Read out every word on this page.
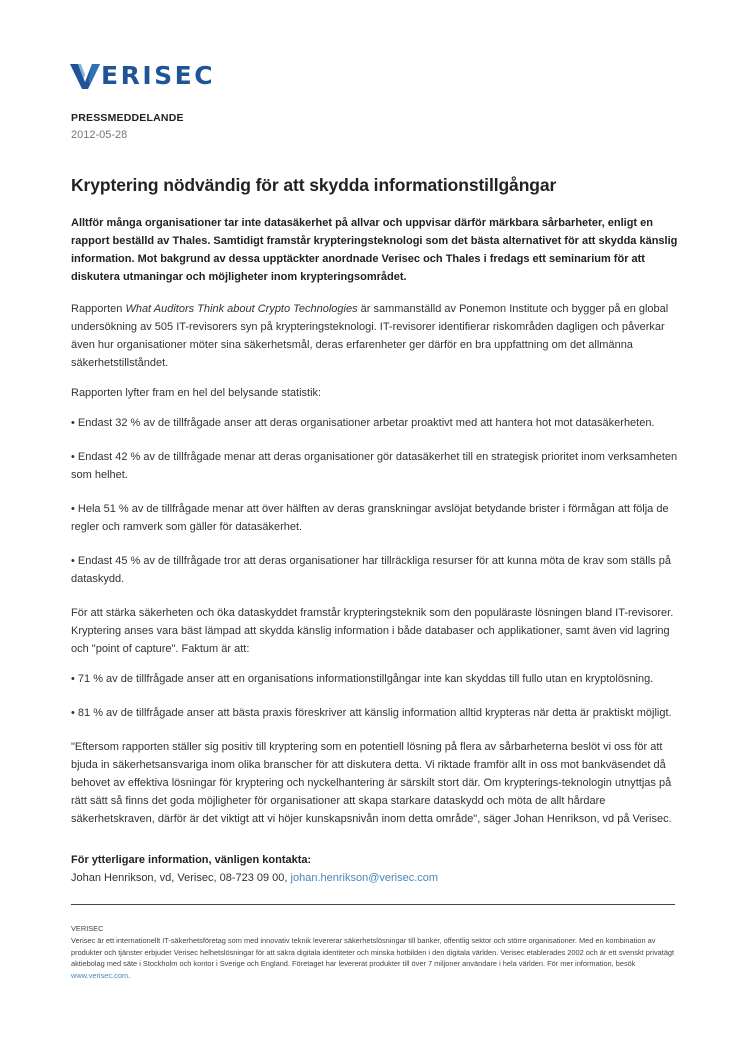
ERISEC
PRESSMEDDELANDE
2012-05-28
Kryptering nödvändig för att skydda informationstillgångar

Alltför många organisationer tar inte datasäkerhet på allvar och uppvisar därför märkbara sårbarheter, enligt en rapport beställd av Thales. Samtidigt framstår krypteringsteknologi som det bästa alternativet för att skydda känslig information. Mot bakgrund av dessa upptäckter anordnade Verisec och Thales i fredags ett seminarium för att diskutera utmaningar och möjligheter inom krypteringsområdet.

Rapporten What Auditors Think about Crypto Technologies är sammanställd av Ponemon Institute och bygger på en global undersökning av 505 IT-revisorers syn på krypteringsteknologi. IT-revisorer identifierar riskområden dagligen och påverkar även hur organisationer möter sina säkerhetsmål, deras erfarenheter ger därför en bra uppfattning om det allmänna säkerhetstillståndet.

Rapporten lyfter fram en hel del belysande statistik:

• Endast 32 % av de tillfrågade anser att deras organisationer arbetar proaktivt med att hantera hot mot datasäkerheten.

• Endast 42 % av de tillfrågade menar att deras organisationer gör datasäkerhet till en strategisk prioritet inom verksamheten som helhet.

• Hela 51 % av de tillfrågade menar att över hälften av deras granskningar avslöjat betydande brister i förmågan att följa de regler och ramverk som gäller för datasäkerhet.

• Endast 45 % av de tillfrågade tror att deras organisationer har tillräckliga resurser för att kunna möta de krav som ställs på dataskydd.

För att stärka säkerheten och öka dataskyddet framstår krypteringsteknik som den populäraste lösningen bland IT-revisorer. Kryptering anses vara bäst lämpad att skydda känslig information i både databaser och applikationer, samt även vid lagring och "point of capture". Faktum är att:

• 71 % av de tillfrågade anser att en organisations informationstillgångar inte kan skyddas till fullo utan en kryptolösning.

• 81 % av de tillfrågade anser att bästa praxis föreskriver att känslig information alltid krypteras när detta är praktiskt möjligt.

"Eftersom rapporten ställer sig positiv till kryptering som en potentiell lösning på flera av sårbarheterna beslöt vi oss för att bjuda in säkerhetsansvariga inom olika branscher för att diskutera detta. Vi riktade framför allt in oss mot bankväsendet då behovet av effektiva lösningar för kryptering och nyckelhantering är särskilt stort där. Om krypterings-teknologin utnyttjas på rätt sätt så finns det goda möjligheter för organisationer att skapa starkare dataskydd och möta de allt hårdare säkerhetskraven, därför är det viktigt att vi höjer kunskapsnivån inom detta område", säger Johan Henrikson, vd på Verisec.

För ytterligare information, vänligen kontakta:
Johan Henrikson, vd, Verisec, 08-723 09 00, johan.henrikson@verisec.com
VERISEC
Verisec är ett internationellt IT-säkerhetsföretag som med innovativ teknik levererar säkerhetslösningar till banker, offentlig sektor och större organisationer. Med en kombination av produkter och tjänster erbjuder Verisec helhetslösningar för att säkra digitala identiteter och minska hotbilden i den digitala världen. Verisec etablerades 2002 och är ett svenskt privatägt aktiebolag med säte i Stockholm och kontor i Sverige och England. Företaget har levererat produkter till över 7 miljoner användare i hela världen. För mer information, besök www.verisec.com.
